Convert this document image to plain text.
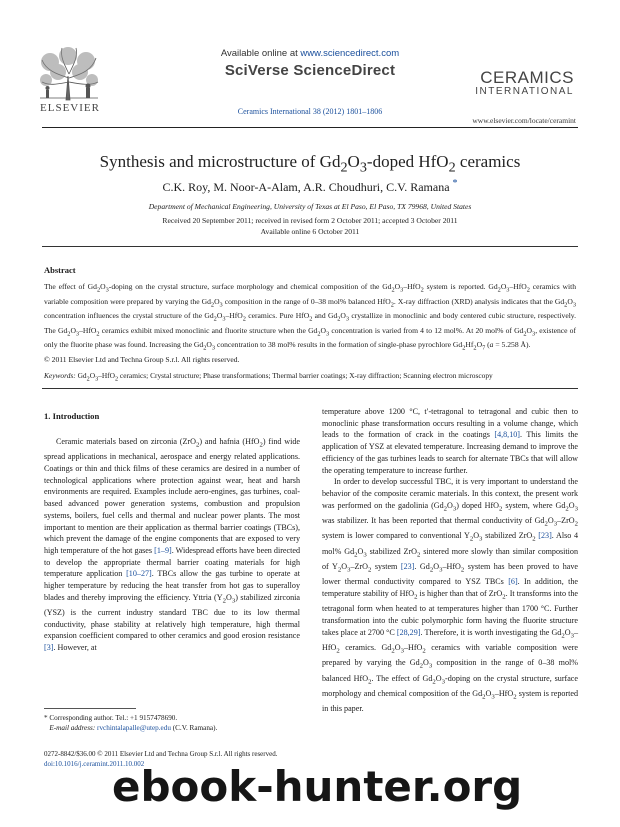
ELSEVIER
Available online at www.sciencedirect.com
SciVerse ScienceDirect
Ceramics International 38 (2012) 1801–1806
CERAMICS
INTERNATIONAL
www.elsevier.com/locate/ceramint
Synthesis and microstructure of $Gd_2O_3$-doped HfO$_2$ ceramics
C.K. Roy, M. Noor-A-Alam, A.R. Choudhuri, C.V. Ramana *
Department of Mechanical Engineering, University of Texas at El Paso, El Paso, TX 79968, United States
Received 20 September 2011; received in revised form 2 October 2011; accepted 3 October 2011
Available online 6 October 2011
Abstract
The effect of $Gd_2O_3$-doping on the crystal structure, surface morphology and chemical composition of the $Gd_2O_3-HfO_2$ system is reported. $Gd_2O_3-HfO_2$ ceramics with variable composition were prepared by varying the $Gd_2O_3$ composition in the range of 0–38 mol% balanced HfO$_2$. X-ray diffraction (XRD) analysis indicates that the $Gd_2O_3$ concentration influences the crystal structure of the $Gd_2O_3-HfO_2$ ceramics. Pure HfO$_2$ and $Gd_2O_3$ crystallize in monoclinic and body centered cubic structure, respectively. The $Gd_2O_3-HfO_2$ ceramics exhibit mixed monoclinic and fluorite structure when the $Gd_2O_3$ concentration is varied from 4 to 12 mol%. At 20 mol% of $Gd_2O_3$, existence of only the fluorite phase was found. Increasing the $Gd_2O_3$ concentration to 38 mol% results in the formation of single-phase pyrochlore $Gd_2Hf_2O_7$ (a = 5.258 Å).
© 2011 Elsevier Ltd and Techna Group S.r.l. All rights reserved.
Keywords: $Gd_2O_3-HfO_2$ ceramics; Crystal structure; Phase transformations; Thermal barrier coatings; X-ray diffraction; Scanning electron microscopy
1. Introduction

Ceramic materials based on zirconia (ZrO$_2$) and hafnia (HfO$_2$) find wide spread applications in mechanical, aerospace and energy related applications. Coatings or thin and thick films of these ceramics are desired in a number of technological applications where protection against wear, heat and harsh environments are required. Examples include aero-engines, gas turbines, coal-based advanced power generation systems, combustion and propulsion systems, boilers, fuel cells and thermal and nuclear power plants. The most important to mention are their application as thermal barrier coatings (TBCs), which prevent the damage of the engine components that are exposed to very high temperature of the hot gases [1–9]. Widespread efforts have been directed to develop the appropriate thermal barrier coating materials for high temperature application [10–27]. TBCs allow the gas turbine to operate at higher temperature by reducing the heat transfer from hot gas to superalloy blades and thereby improving the efficiency. Yttria $(Y_2O_3)$ stabilized zirconia (YSZ) is the current industry standard TBC due to its low thermal conductivity, phase stability at relatively high temperature, high thermal expansion coefficient compared to other ceramics and good erosion resistance [3]. However, at

temperature above 1200 °C, t′-tetragonal to tetragonal and cubic then to monoclinic phase transformation occurs resulting in a volume change, which leads to the formation of crack in the coatings [4,8,10]. This limits the application of YSZ at elevated temperature. Increasing demand to improve the efficiency of the gas turbines leads to search for alternate TBCs that will allow the operating temperature to increase further.

In order to develop successful TBC, it is very important to understand the behavior of the composite ceramic materials. In this context, the present work was performed on the gadolinia $(Gd_2O_3)$ doped HfO$_2$ system, where $Gd_2O_3$ was stabilizer. It has been reported that thermal conductivity of $Gd_2O_3-ZrO_2$ system is lower compared to conventional $Y_2O_3$ stabilized ZrO$_2$ [23]. Also 4 mol% $Gd_2O_3$ stabilized ZrO$_2$ sintered more slowly than similar composition of $Y_2O_3-ZrO_2$ system [23]. $Gd_2O_3-HfO_2$ system has been proved to have lower thermal conductivity compared to YSZ TBCs [6]. In addition, the temperature stability of HfO$_2$ is higher than that of ZrO$_2$. It transforms into the tetragonal form when heated to at temperatures higher than 1700 °C. Further transformation into the cubic polymorphic form having the fluorite structure takes place at 2700 °C [28,29]. Therefore, it is worth investigating the $Gd_2O_3-HfO_2$ ceramics. $Gd_2O_3-HfO_2$ ceramics with variable composition were prepared by varying the $Gd_2O_3$ composition in the range of 0–38 mol% balanced HfO$_2$. The effect of $Gd_2O_3$-doping on the crystal structure, surface morphology and chemical composition of the $Gd_2O_3-HfO_2$ system is reported in this paper.

* Corresponding author. Tel.: +1 9157478690.
E-mail address: rvchintalapalle@utep.edu (C.V. Ramana).
0272-8842/$36.00 © 2011 Elsevier Ltd and Techna Group S.r.l. All rights reserved.
doi:10.1016/j.ceramint.2011.10.002
ebook-hunter.org
